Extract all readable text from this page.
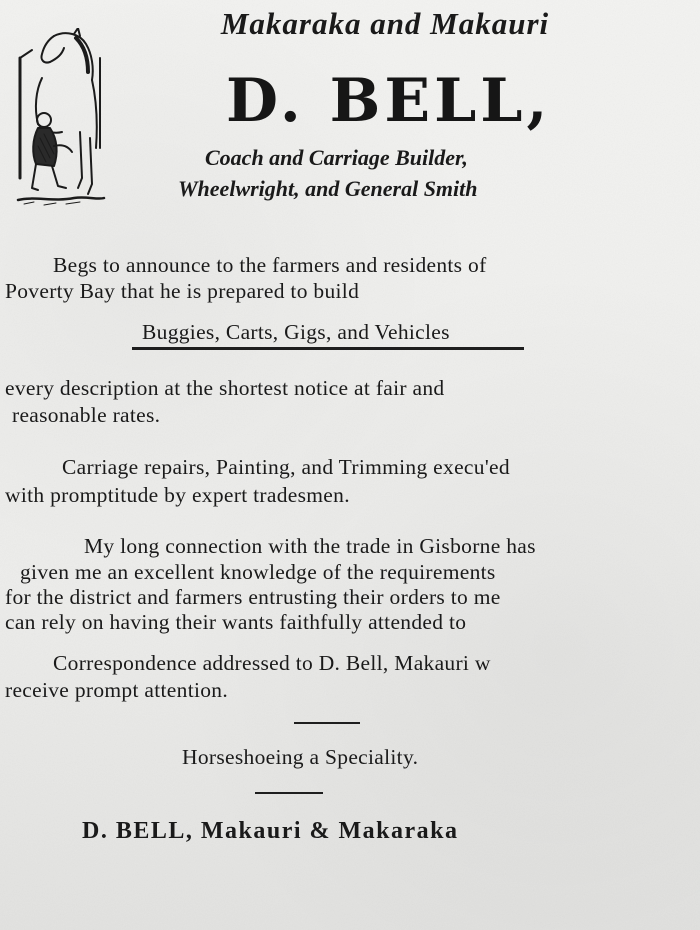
Makaraka and Makauri
D. BELL,
Coach and Carriage Builder,
Wheelwright, and General Smith
Begs to announce to the farmers and residents of
Poverty Bay that he is prepared to build
Buggies, Carts, Gigs, and Vehicles
every description at the shortest notice at fair and
reasonable rates.
Carriage repairs, Painting, and Trimming execu'ed
with promptitude by expert tradesmen.
My long connection with the trade in Gisborne has
given me an excellent knowledge of the requirements
for the district and farmers entrusting their orders to me
can rely on having their wants faithfully attended to
Correspondence addressed to D. Bell, Makauri w
receive prompt attention.
Horseshoeing a Speciality.
D. BELL, Makauri & Makaraka
